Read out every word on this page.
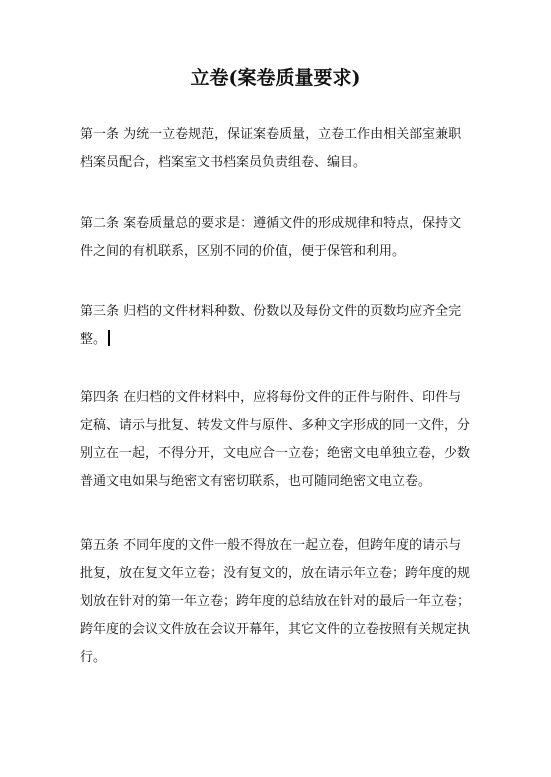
立卷(案卷质量要求)

第一条 为统一立卷规范，保证案卷质量，立卷工作由相关部室兼职
档案员配合，档案室文书档案员负责组卷、编目。

第二条 案卷质量总的要求是：遵循文件的形成规律和特点，保持文
件之间的有机联系，区别不同的价值，便于保管和利用。

第三条 归档的文件材料种数、份数以及每份文件的页数均应齐全完
整。

第四条 在归档的文件材料中，应将每份文件的正件与附件、印件与
定稿、请示与批复、转发文件与原件、多种文字形成的同一文件，分
别立在一起，不得分开，文电应合一立卷；绝密文电单独立卷，少数
普通文电如果与绝密文有密切联系，也可随同绝密文电立卷。

第五条 不同年度的文件一般不得放在一起立卷，但跨年度的请示与
批复，放在复文年立卷；没有复文的，放在请示年立卷；跨年度的规
划放在针对的第一年立卷；跨年度的总结放在针对的最后一年立卷；
跨年度的会议文件放在会议开幕年，其它文件的立卷按照有关规定执
行。
